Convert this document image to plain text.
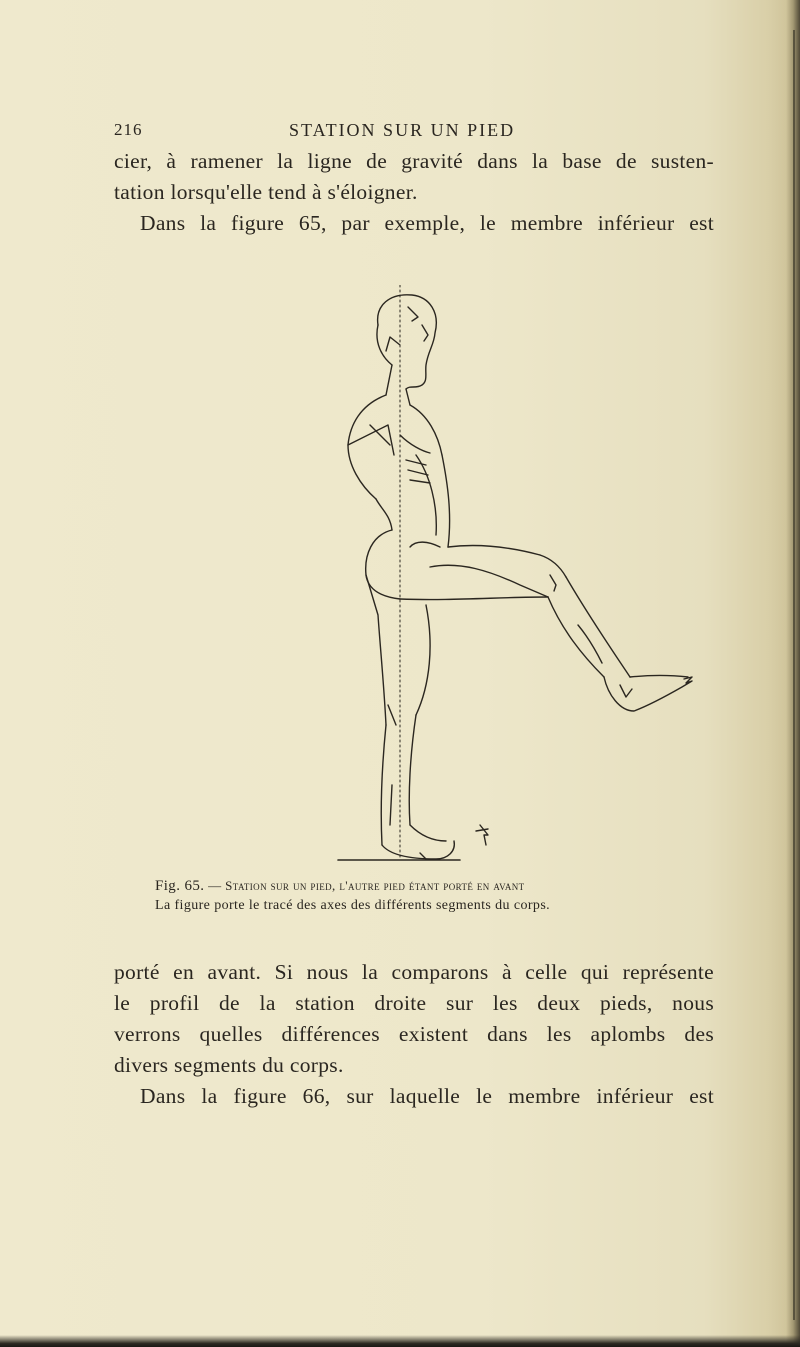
216	STATION SUR UN PIED
cier, à ramener la ligne de gravité dans la base de susten-
tation lorsqu'elle tend à s'éloigner.
Dans la figure 65, par exemple, le membre inférieur est
Fig. 65. — Station sur un pied, l'autre pied étant porté en avant
La figure porte le tracé des axes des différents segments du corps.
porté en avant. Si nous la comparons à celle qui représente
le profil de la station droite sur les deux pieds, nous
verrons quelles différences existent dans les aplombs des
divers segments du corps.
Dans la figure 66, sur laquelle le membre inférieur est
